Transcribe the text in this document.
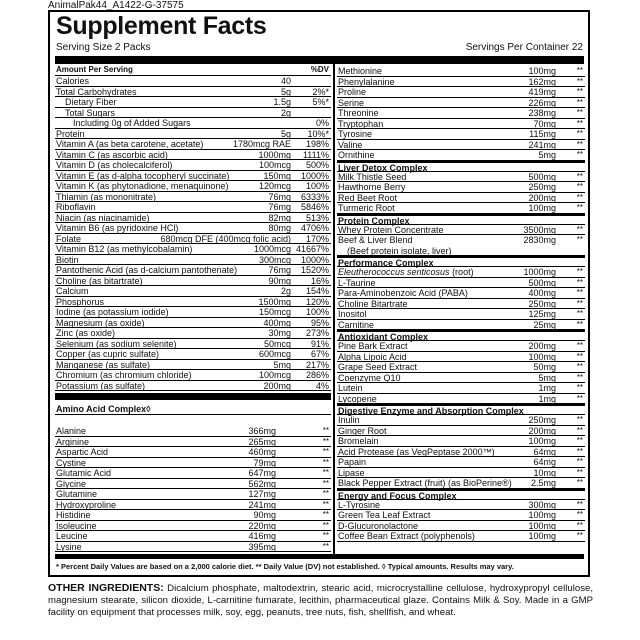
AnimalPak44_A1422-G-37575
Supplement Facts
Serving Size 2 Packs	Servings Per Container 22
Amount Per Serving	%DV
Calories	40
Total Carbohydrates	5g 2%*
Dietary Fiber	1.5g 5%*
Total Sugars	2g
Including 0g of Added Sugars	0%
Protein	5g 10%*
Vitamin A (as beta carotene, acetate)	1780mcg RAE 198%
Vitamin C (as ascorbic acid)	1000mg 1111%
Vitamin D (as cholecalciferol)	100mcg 500%
Vitamin E (as d-alpha tocopheryl succinate)	150mg 1000%
Vitamin K (as phytonadione, menaquinone)	120mcg 100%
Thiamin (as mononitrate)	76mg 6333%
Riboflavin	76mg 5846%
Niacin (as niacinamide)	82mg 513%
Vitamin B6 (as pyridoxine HCl)	80mg 4706%
Folate	680mcg DFE (400mcg folic acid) 170%
Vitamin B12 (as methylcobalamin)	1000mcg 41667%
Biotin	300mcg 1000%
Pantothenic Acid (as d-calcium pantothenate)	76mg 1520%
Choline (as bitartrate)	90mg 16%
Calcium	2g 154%
Phosphorus	1500mg 120%
Iodine (as potassium iodide)	150mcg 100%
Magnesium (as oxide)	400mg 95%
Zinc (as oxide)	30mg 273%
Selenium (as sodium selenite)	50mcg 91%
Copper (as cupric sulfate)	600mcg 67%
Manganese (as sulfate)	5mg 217%
Chromium (as chromium chloride)	100mcg 286%
Potassium (as sulfate)	200mg	4%
Amino Acid Complex◊
Alanine	366mg	**
Arginine	265mg	**
Aspartic Acid	460mg	**
Cystine	79mg	**
Glutamic Acid	647mg	**
Glycine	562mg	**
Glutamine	127mg	**
Hydroxyproline	241mg	**
Histidine	90mg	**
Isoleucine	220mg	**
Leucine	416mg	**
Lysine	395mg	**
Methionine	100mg	**
Phenylalanine	162mg	**
Proline	419mg	**
Serine	226mg	**
Threonine	238mg	**
Tryptophan	70mg	**
Tyrosine	115mg	**
Valine	241mg	**
Ornithine	5mg	**
Liver Detox Complex
Milk Thistle Seed	500mg	**
Hawthorne Berry	250mg	**
Red Beet Root	200mg	**
Turmeric Root	100mg	**
Protein Complex
Whey Protein Concentrate	3500mg	**
Beef & Liver Blend	2830mg	**
(Beef protein isolate, liver)
Performance Complex
Eleutherococcus senticosus (root)	1000mg	**
L-Taurine	500mg	**
Para-Aminobenzoic Acid (PABA)	400mg	**
Choline Bitartrate	250mg	**
Inositol	125mg	**
Carnitine	25mg	**
Antioxidant Complex
Pine Bark Extract	200mg	**
Alpha Lipoic Acid	100mg	**
Grape Seed Extract	50mg	**
Coenzyme Q10	5mg	**
Lutein	1mg	**
Lycopene	1mg	**
Digestive Enzyme and Absorption Complex
Inulin	250mg	**
Ginger Root	200mg	**
Bromelain	100mg	**
Acid Protease (as VegPeptase 2000™)	64mg	**
Papain	64mg	**
Lipase	10mg	**
Black Pepper Extract (fruit) (as BioPerine®) 2.5mg	**
Energy and Focus Complex
L-Tyrosine	300mg	**
Green Tea Leaf Extract	100mg	**
D-Glucuronolactone	100mg	**
Coffee Bean Extract (polyphenols)	100mg	**
* Percent Daily Values are based on a 2,000 calorie diet. ** Daily Value (DV) not established. ◊ Typical amounts. Results may vary.
OTHER INGREDIENTS: Dicalcium phosphate, maltodextrin, stearic acid, microcrystalline cellulose, hydroxypropyl cellulose, magnesium stearate, silicon dioxide, L-carnitine fumarate, lecithin, pharmaceutical glaze. Contains Milk & Soy. Made in a GMP facility on equipment that processes milk, soy, egg, peanuts, tree nuts, fish, shellfish, and wheat.
